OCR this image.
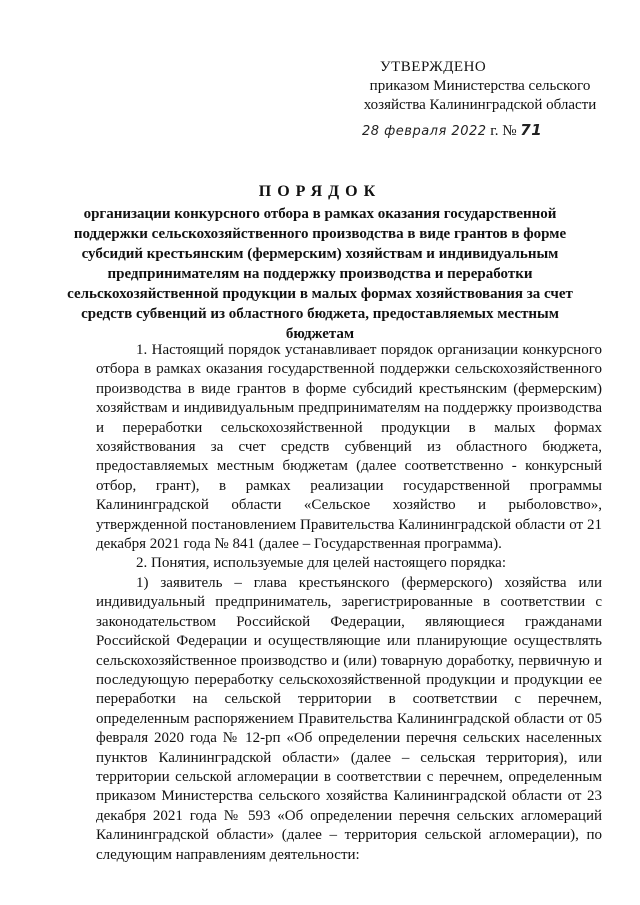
УТВЕРЖДЕНО
приказом Министерства сельского
хозяйства Калининградской области
28 февраля 2022 г. № 71
ПОРЯДОК
организации конкурсного отбора в рамках оказания государственной поддержки сельскохозяйственного производства в виде грантов в форме субсидий крестьянским (фермерским) хозяйствам и индивидуальным предпринимателям на поддержку производства и переработки сельскохозяйственной продукции в малых формах хозяйствования за счет средств субвенций из областного бюджета, предоставляемых местным бюджетам

1. Настоящий порядок устанавливает порядок организации конкурсного отбора в рамках оказания государственной поддержки сельскохозяйственного производства в виде грантов в форме субсидий крестьянским (фермерским) хозяйствам и индивидуальным предпринимателям на поддержку производства и переработки сельскохозяйственной продукции в малых формах хозяйствования за счет средств субвенций из областного бюджета, предоставляемых местным бюджетам (далее соответственно - конкурсный отбор, грант), в рамках реализации государственной программы Калининградской области «Сельское хозяйство и рыболовство», утвержденной постановлением Правительства Калининградской области от 21 декабря 2021 года № 841 (далее – Государственная программа).

2. Понятия, используемые для целей настоящего порядка:

1) заявитель – глава крестьянского (фермерского) хозяйства или индивидуальный предприниматель, зарегистрированные в соответствии с законодательством Российской Федерации, являющиеся гражданами Российской Федерации и осуществляющие или планирующие осуществлять сельскохозяйственное производство и (или) товарную доработку, первичную и последующую переработку сельскохозяйственной продукции и продукции ее переработки на сельской территории в соответствии с перечнем, определенным распоряжением Правительства Калининградской области от 05 февраля 2020 года № 12-рп «Об определении перечня сельских населенных пунктов Калининградской области» (далее – сельская территория), или территории сельской агломерации в соответствии с перечнем, определенным приказом Министерства сельского хозяйства Калининградской области от 23 декабря 2021 года № 593 «Об определении перечня сельских агломераций Калининградской области» (далее – территория сельской агломерации), по следующим направлениям деятельности:
